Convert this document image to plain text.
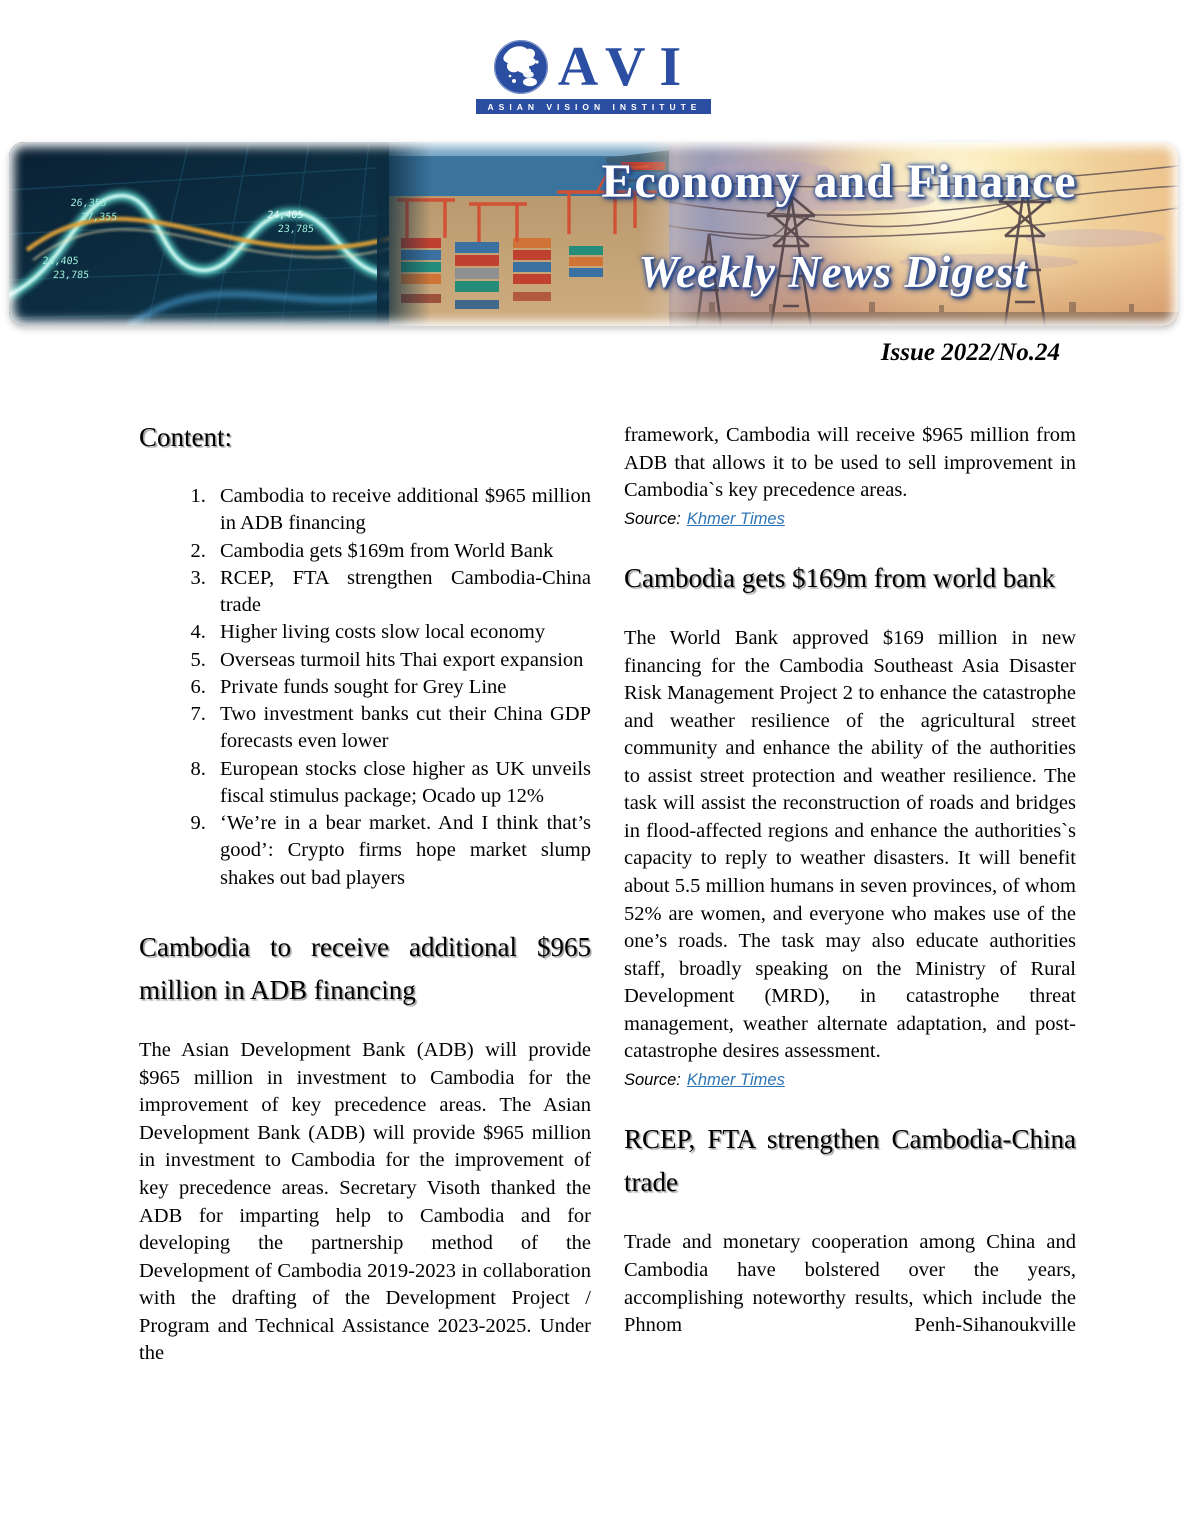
AVI
ASIAN VISION INSTITUTE
26,355
27,355
24,405
23,785
24,405
23,785
Economy and Finance
Weekly News Digest
Issue 2022/No.24
Content:
1. Cambodia to receive additional $965 million in ADB financing
2. Cambodia gets $169m from World Bank
3. RCEP, FTA strengthen Cambodia-China trade
4. Higher living costs slow local economy
5. Overseas turmoil hits Thai export expansion
6. Private funds sought for Grey Line
7. Two investment banks cut their China GDP forecasts even lower
8. European stocks close higher as UK unveils fiscal stimulus package; Ocado up 12%
9. ‘We’re in a bear market. And I think that’s good’: Crypto firms hope market slump shakes out bad players
Cambodia to receive additional $965 million in ADB financing

The Asian Development Bank (ADB) will provide $965 million in investment to Cambodia for the improvement of key precedence areas. The Asian Development Bank (ADB) will provide $965 million in investment to Cambodia for the improvement of key precedence areas. Secretary Visoth thanked the ADB for imparting help to Cambodia and for developing the partnership method of the Development of Cambodia 2019-2023 in collaboration with the drafting of the Development Project / Program and Technical Assistance 2023-2025. Under the

framework, Cambodia will receive $965 million from ADB that allows it to be used to sell improvement in Cambodia`s key precedence areas.

Source: Khmer Times

Cambodia gets $169m from world bank

The World Bank approved $169 million in new financing for the Cambodia Southeast Asia Disaster Risk Management Project 2 to enhance the catastrophe and weather resilience of the agricultural street community and enhance the ability of the authorities to assist street protection and weather resilience. The task will assist the reconstruction of roads and bridges in flood-affected regions and enhance the authorities`s capacity to reply to weather disasters. It will benefit about 5.5 million humans in seven provinces, of whom 52% are women, and everyone who makes use of the one’s roads. The task may also educate authorities staff, broadly speaking on the Ministry of Rural Development (MRD), in catastrophe threat management, weather alternate adaptation, and post-catastrophe desires assessment.

Source: Khmer Times

RCEP, FTA strengthen Cambodia-China trade

Trade and monetary cooperation among China and Cambodia have bolstered over the years, accomplishing noteworthy results, which include the Phnom Penh-Sihanoukville
